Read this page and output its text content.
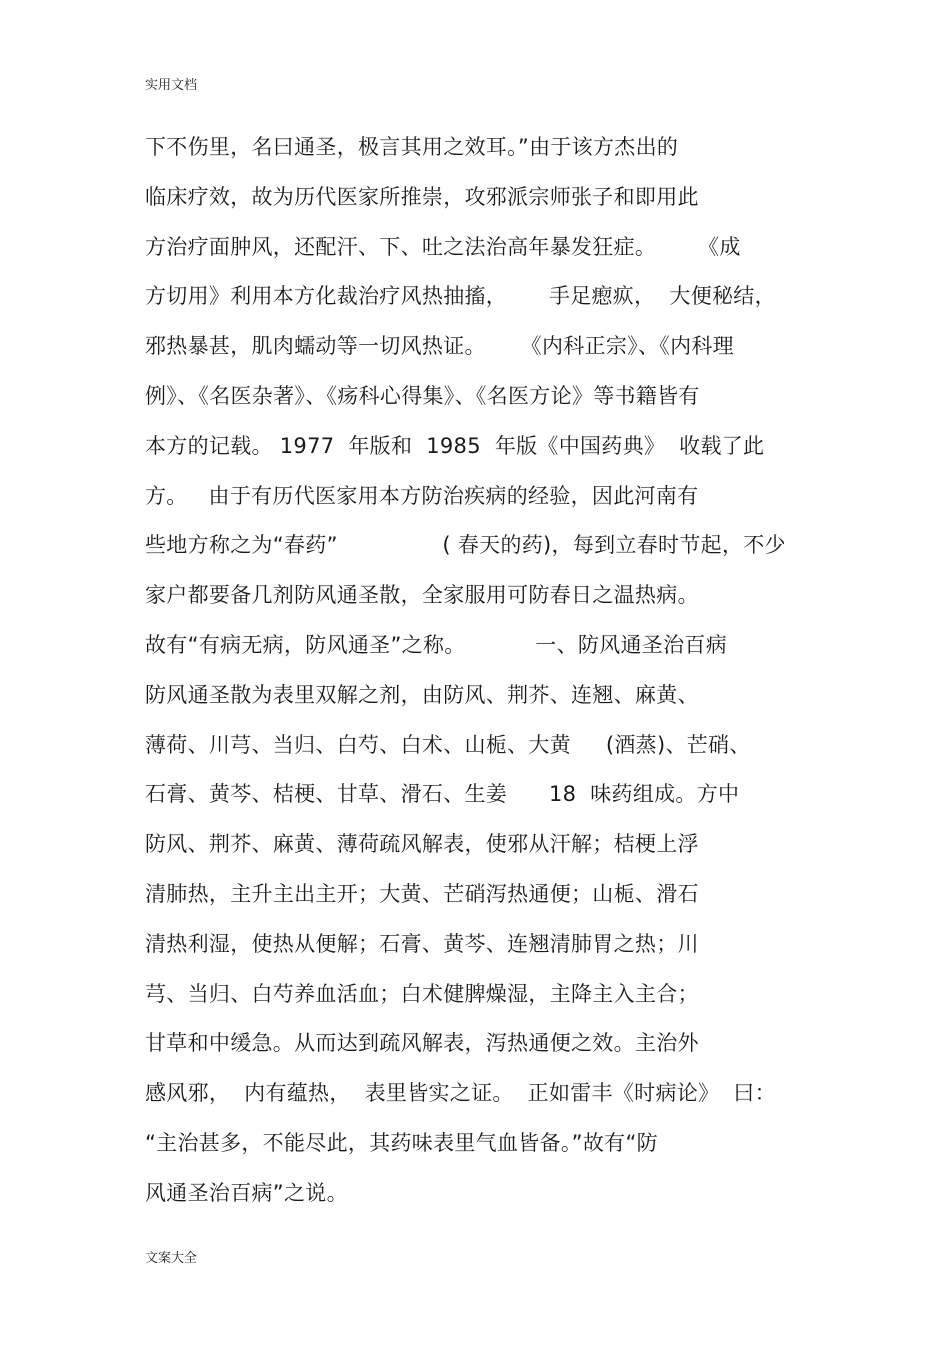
实用文档
下不伤里，名曰通圣，极言其用之效耳。”由于该方杰出的
临床疗效，故为历代医家所推崇，攻邪派宗师张子和即用此
方治疗面肿风，还配汗、下、吐之法治高年暴发狂症。      《成
方切用》利用本方化裁治疗风热抽搐，      手足瘛疭，  大便秘结，
邪热暴甚，肌肉蠕动等一切风热证。     《内科正宗》、《内科理
例》、《名医杂著》、《疡科心得集》、《名医方论》等书籍皆有
本方的记载。 1977  年版和  1985  年版《中国药典》  收载了此
方。   由于有历代医家用本方防治疾病的经验，因此河南有
些地方称之为“春药”               ( 春天的药)，每到立春时节起，不少
家户都要备几剂防风通圣散，全家服用可防春日之温热病。
故有“有病无病，防风通圣”之称。          一、防风通圣治百病
防风通圣散为表里双解之剂，由防风、荆芥、连翘、麻黄、
薄荷、川芎、当归、白芍、白术、山栀、大黄     (酒蒸)、芒硝、
石膏、黄芩、桔梗、甘草、滑石、生姜      18  味药组成。方中
防风、荆芥、麻黄、薄荷疏风解表，使邪从汗解；桔梗上浮
清肺热，主升主出主开；大黄、芒硝泻热通便；山栀、滑石
清热利湿，使热从便解；石膏、黄芩、连翘清肺胃之热；川
芎、当归、白芍养血活血；白术健脾燥湿，主降主入主合；
甘草和中缓急。从而达到疏风解表，泻热通便之效。主治外
感风邪，  内有蕴热，  表里皆实之证。  正如雷丰《时病论》  曰：
“主治甚多，不能尽此，其药味表里气血皆备。”故有“防
风通圣治百病”之说。
文案大全
